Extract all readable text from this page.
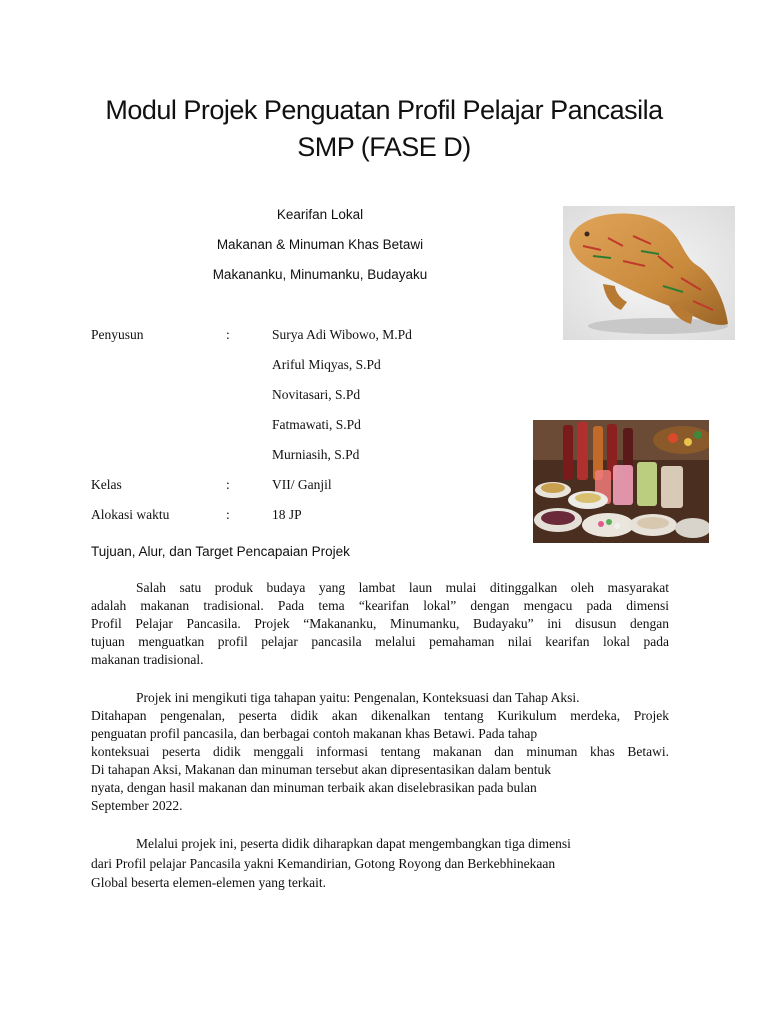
Modul Projek Penguatan Profil Pelajar Pancasila
SMP (FASE D)
Kearifan Lokal
Makanan & Minuman Khas Betawi
Makananku, Minumanku, Budayaku
Penyusun	:	Surya Adi Wibowo, M.Pd
Ariful Miqyas, S.Pd
Novitasari, S.Pd
Fatmawati, S.Pd
Murniasih, S.Pd
Kelas	:	VII/ Ganjil
Alokasi waktu	:	18 JP
Tujuan, Alur, dan Target Pencapaian Projek
Salah satu produk budaya yang lambat laun mulai ditinggalkan oleh masyarakat
adalah makanan tradisional. Pada tema “kearifan lokal” dengan mengacu pada dimensi
Profil Pelajar Pancasila. Projek “Makananku, Minumanku, Budayaku” ini disusun dengan
tujuan menguatkan profil pelajar pancasila melalui pemahaman nilai kearifan lokal pada
makanan tradisional.
Projek ini mengikuti tiga tahapan yaitu: Pengenalan, Konteksuasi dan Tahap Aksi.
Ditahapan pengenalan, peserta didik akan dikenalkan tentang Kurikulum merdeka, Projek
penguatan profil pancasila, dan berbagai contoh makanan khas Betawi. Pada tahap
konteksuai peserta didik menggali informasi tentang makanan dan minuman khas Betawi.
Di tahapan Aksi, Makanan dan minuman tersebut akan dipresentasikan dalam bentuk
nyata, dengan hasil makanan dan minuman terbaik akan diselebrasikan pada bulan
September 2022.
Melalui projek ini, peserta didik diharapkan dapat mengembangkan tiga dimensi
dari Profil pelajar Pancasila yakni Kemandirian, Gotong Royong dan Berkebhinekaan
Global beserta elemen-elemen yang terkait.
